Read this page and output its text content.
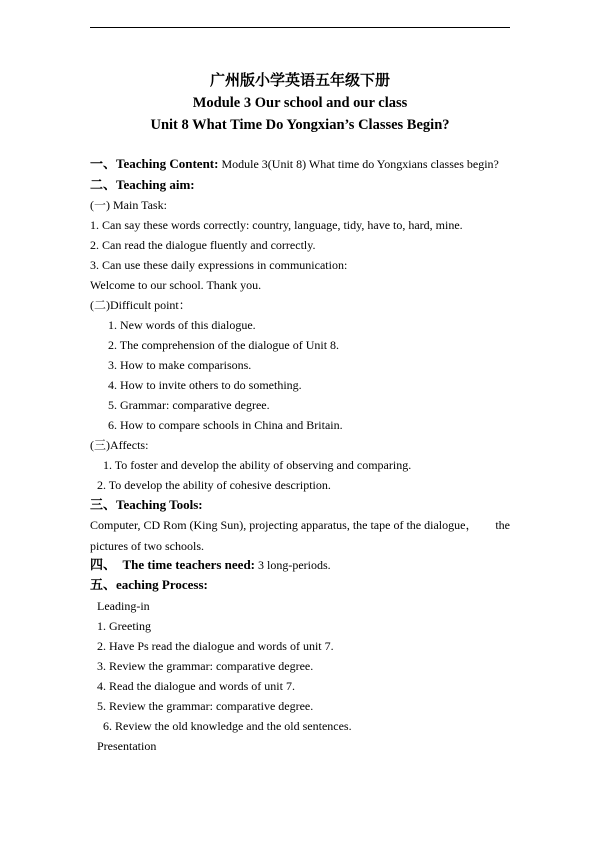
广州版小学英语五年级下册
Module 3 Our school and our class
Unit 8 What Time Do Yongxian’s Classes Begin?
一、Teaching Content: Module 3(Unit 8) What time do Yongxians classes begin?
二、Teaching aim:
(一) Main Task:
1. Can say these words correctly: country, language, tidy, have to, hard, mine.
2. Can read the dialogue fluently and correctly.
3. Can use these daily expressions in communication:
Welcome to our school. Thank you.
(二)Difficult point：
1. New words of this dialogue.
2. The comprehension of the dialogue of Unit 8.
3. How to make comparisons.
4. How to invite others to do something.
5. Grammar: comparative degree.
6. How to compare schools in China and Britain.
(三)Affects:
1. To foster and develop the ability of observing and comparing.
2. To develop the ability of cohesive description.
三、Teaching Tools:
Computer, CD Rom (King Sun), projecting apparatus, the tape of the dialogue， the
pictures of two schools.
四、 The time teachers need: 3 long-periods.
五、eaching Process:
Leading-in
1. Greeting
2. Have Ps read the dialogue and words of unit 7.
3. Review the grammar: comparative degree.
4. Read the dialogue and words of unit 7.
5. Review the grammar: comparative degree.
6. Review the old knowledge and the old sentences.
Presentation
